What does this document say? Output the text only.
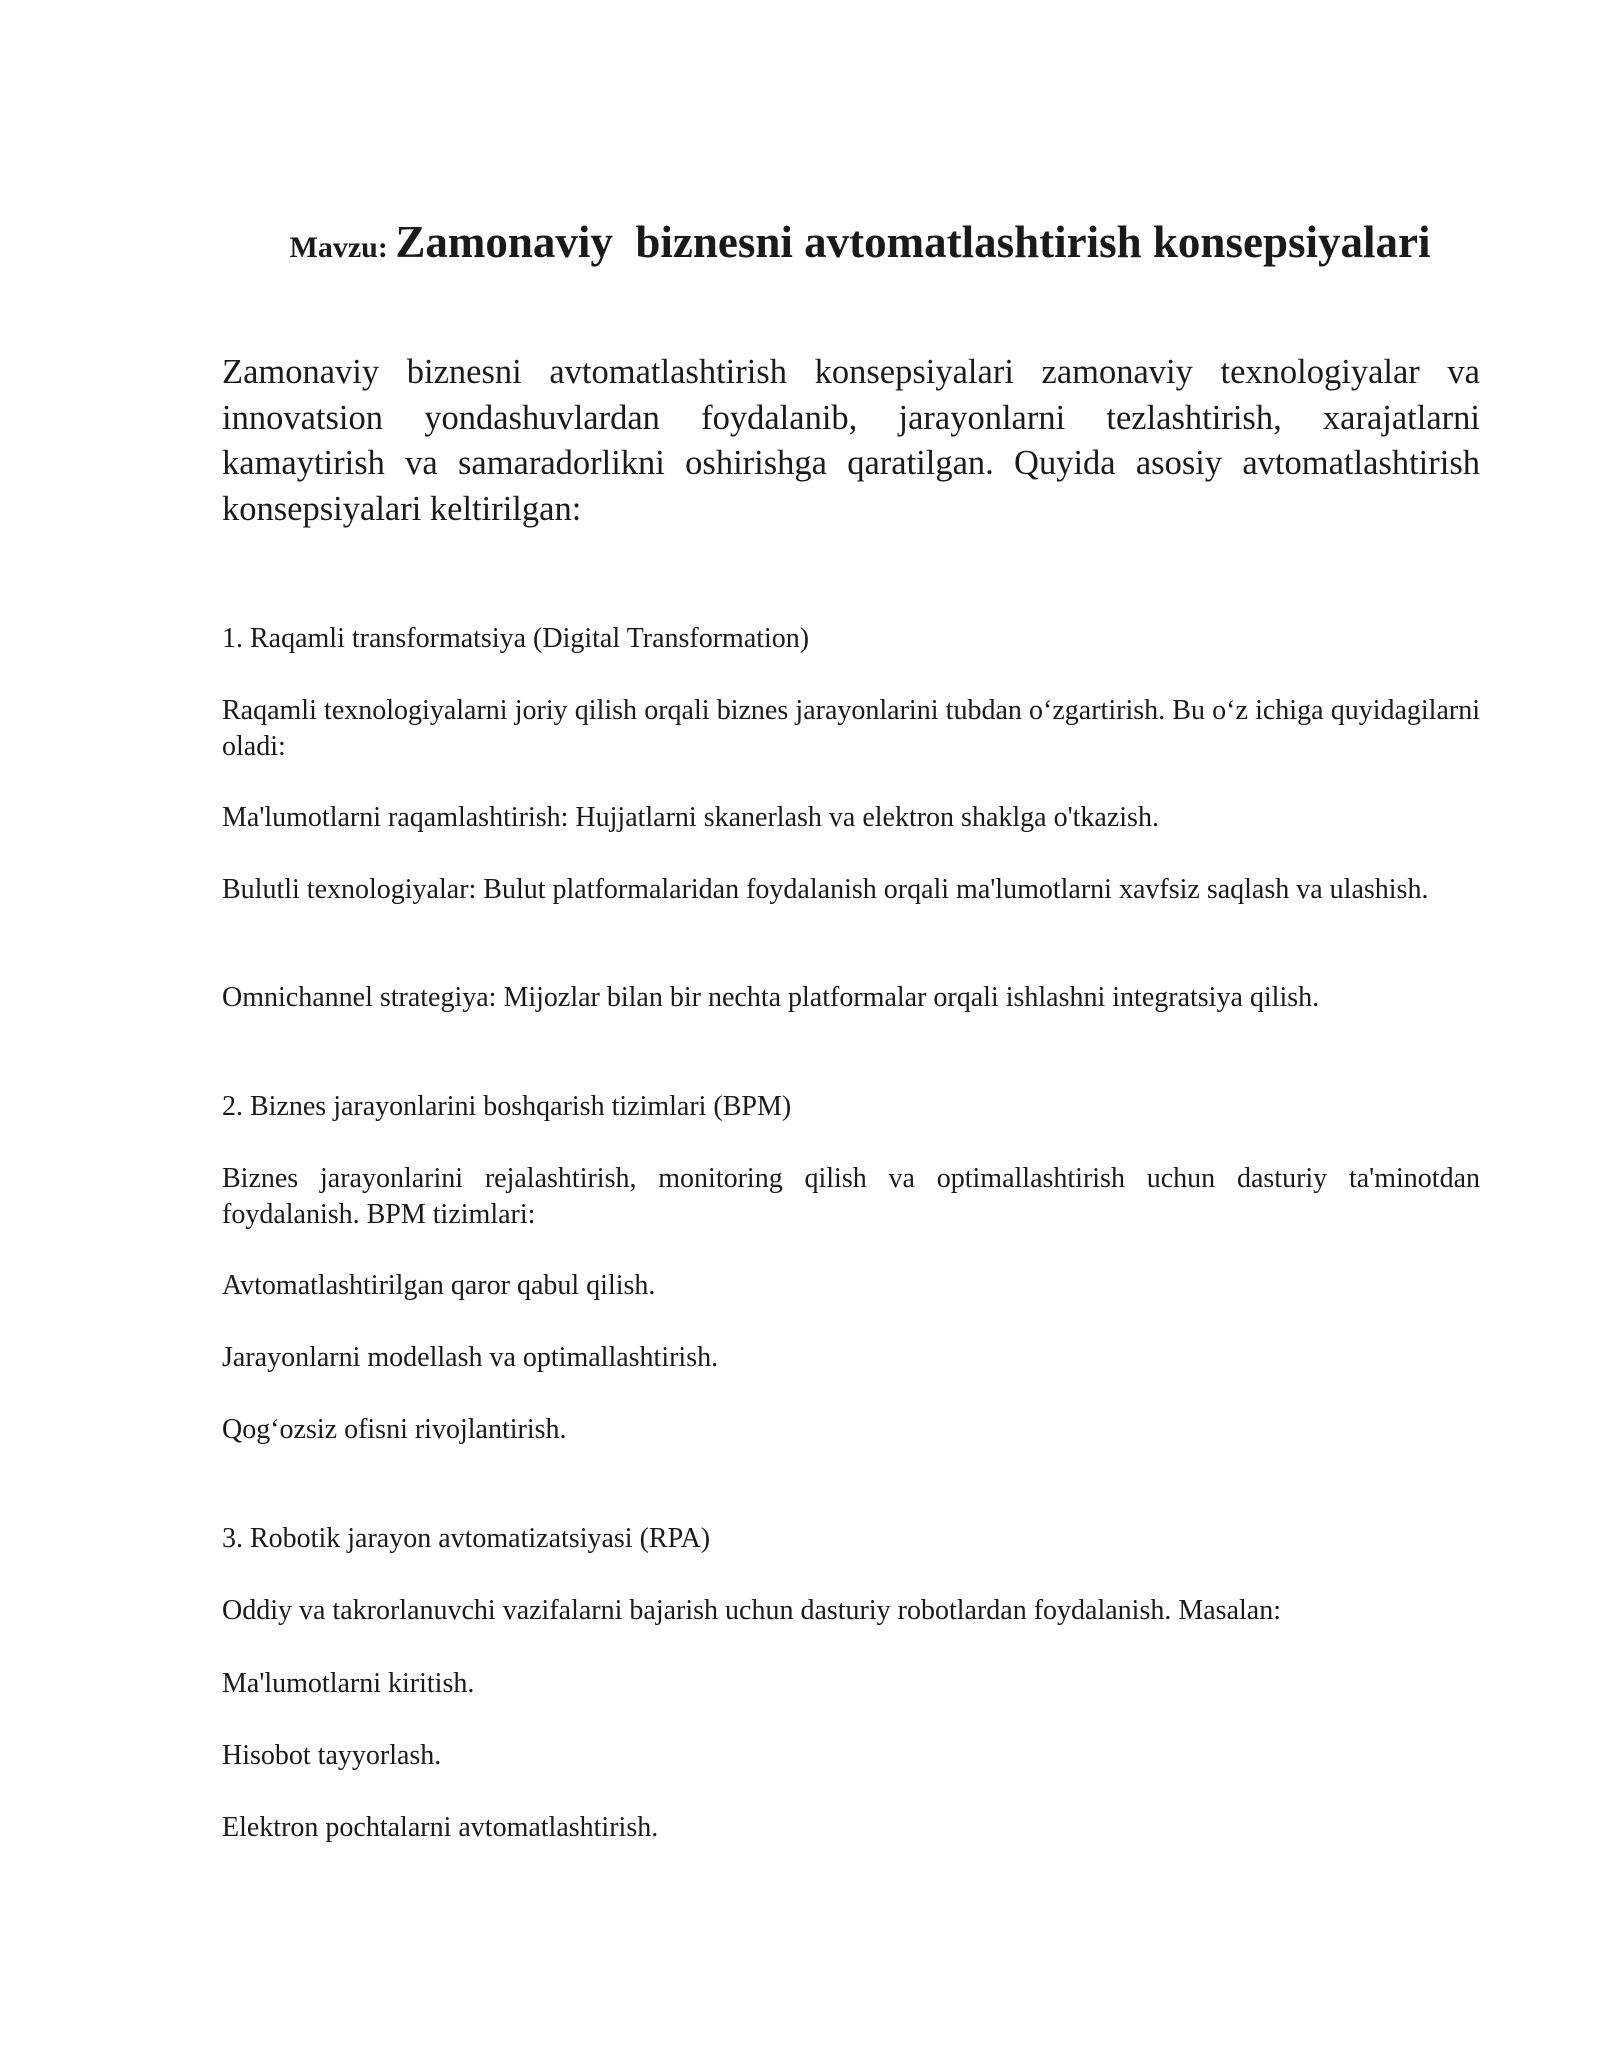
Mavzu: Zamonaviy  biznesni avtomatlashtirish konsepsiyalari

Zamonaviy biznesni avtomatlashtirish konsepsiyalari zamonaviy texnologiyalar va innovatsion yondashuvlardan foydalanib, jarayonlarni tezlashtirish, xarajatlarni kamaytirish va samaradorlikni oshirishga qaratilgan. Quyida asosiy avtomatlashtirish konsepsiyalari keltirilgan:

1. Raqamli transformatsiya (Digital Transformation)

Raqamli texnologiyalarni joriy qilish orqali biznes jarayonlarini tubdan o‘zgartirish. Bu o‘z ichiga quyidagilarni oladi:

Ma'lumotlarni raqamlashtirish: Hujjatlarni skanerlash va elektron shaklga o'tkazish.

Bulutli texnologiyalar: Bulut platformalaridan foydalanish orqali ma'lumotlarni xavfsiz saqlash va ulashish.

Omnichannel strategiya: Mijozlar bilan bir nechta platformalar orqali ishlashni integratsiya qilish.

2. Biznes jarayonlarini boshqarish tizimlari (BPM)

Biznes jarayonlarini rejalashtirish, monitoring qilish va optimallashtirish uchun dasturiy ta'minotdan foydalanish. BPM tizimlari:

Avtomatlashtirilgan qaror qabul qilish.

Jarayonlarni modellash va optimallashtirish.

Qog‘ozsiz ofisni rivojlantirish.

3. Robotik jarayon avtomatizatsiyasi (RPA)

Oddiy va takrorlanuvchi vazifalarni bajarish uchun dasturiy robotlardan foydalanish. Masalan:

Ma'lumotlarni kiritish.

Hisobot tayyorlash.

Elektron pochtalarni avtomatlashtirish.
